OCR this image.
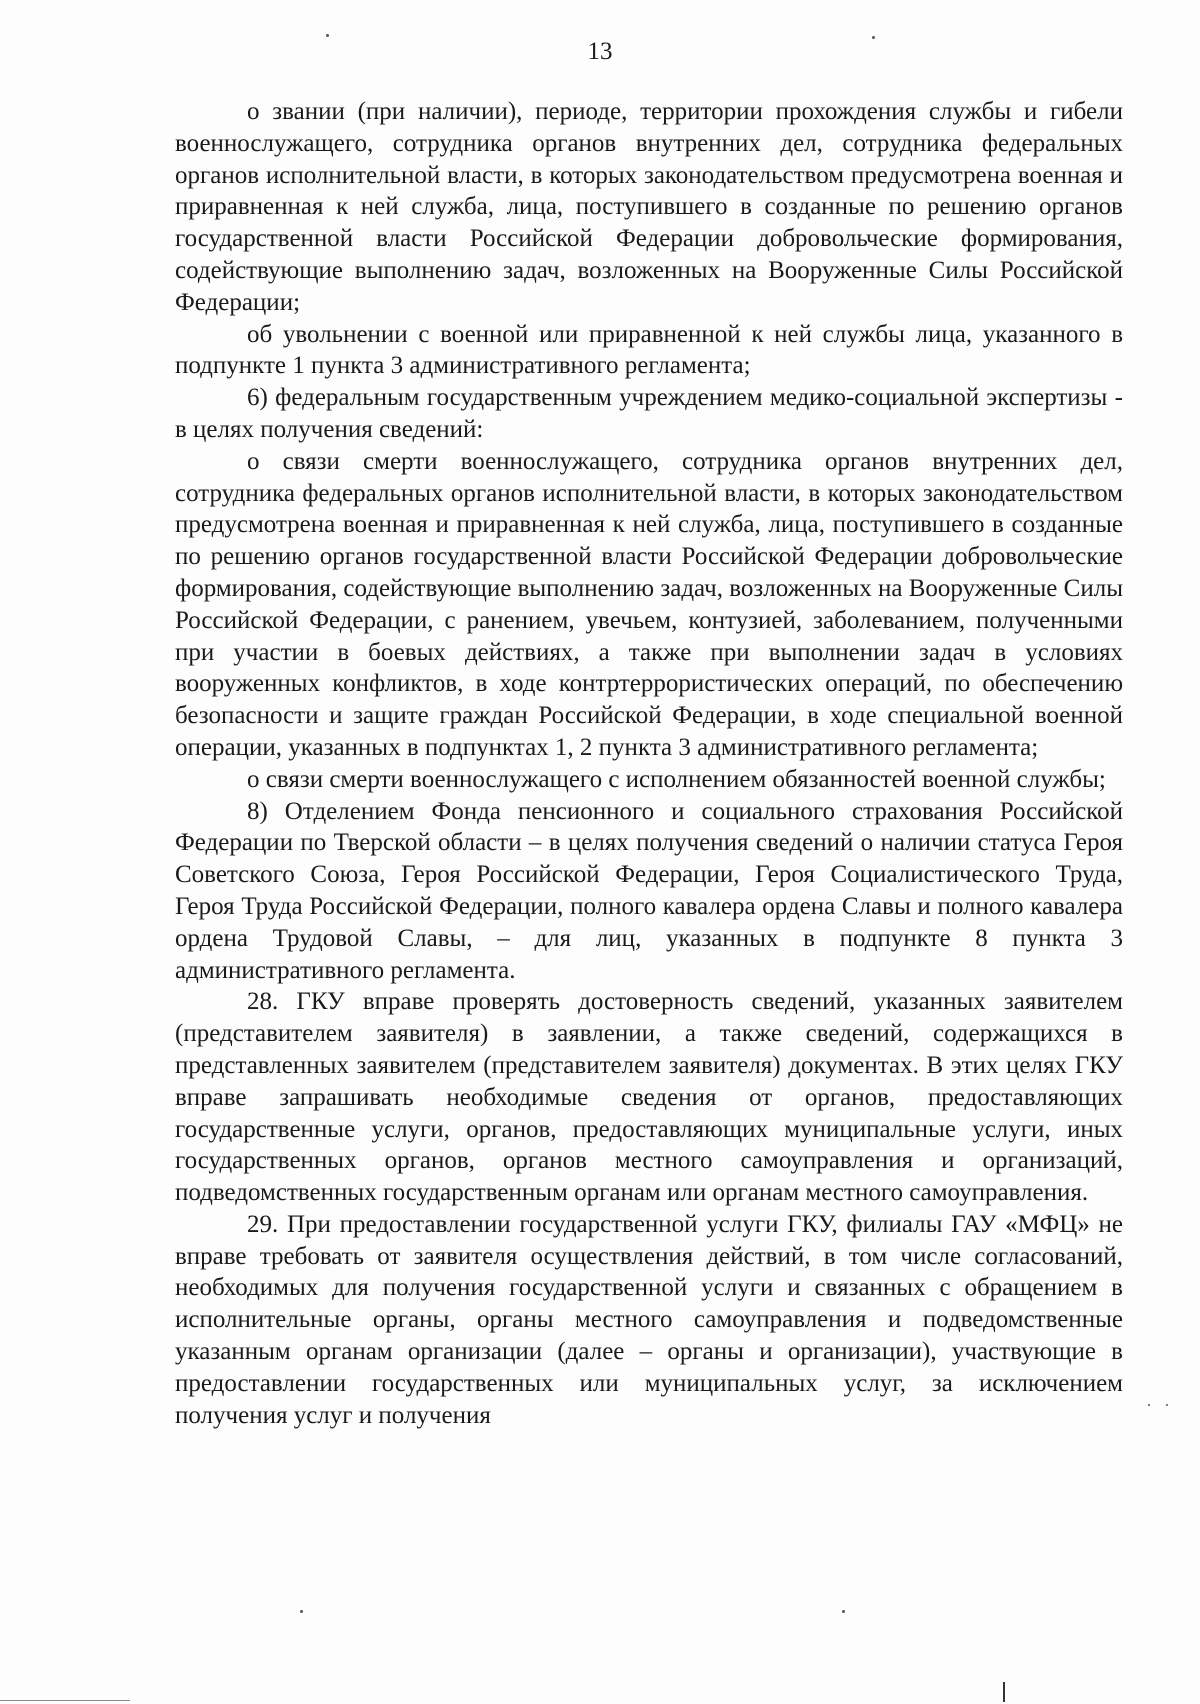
13

о звании (при наличии), периоде, территории прохождения службы и гибели военнослужащего, сотрудника органов внутренних дел, сотрудника федеральных органов исполнительной власти, в которых законодательством предусмотрена военная и приравненная к ней служба, лица, поступившего в созданные по решению органов государственной власти Российской Федерации добровольческие формирования, содействующие выполнению задач, возложенных на Вооруженные Силы Российской Федерации;

об увольнении с военной или приравненной к ней службы лица, указанного в подпункте 1 пункта 3 административного регламента;

6) федеральным государственным учреждением медико-социальной экспертизы - в целях получения сведений:

о связи смерти военнослужащего, сотрудника органов внутренних дел, сотрудника федеральных органов исполнительной власти, в которых законодательством предусмотрена военная и приравненная к ней служба, лица, поступившего в созданные по решению органов государственной власти Российской Федерации добровольческие формирования, содействующие выполнению задач, возложенных на Вооруженные Силы Российской Федерации, с ранением, увечьем, контузией, заболеванием, полученными при участии в боевых действиях, а также при выполнении задач в условиях вооруженных конфликтов, в ходе контртеррористических операций, по обеспечению безопасности и защите граждан Российской Федерации, в ходе специальной военной операции, указанных в подпунктах 1, 2 пункта 3 административного регламента;

о связи смерти военнослужащего с исполнением обязанностей военной службы;

8) Отделением Фонда пенсионного и социального страхования Российской Федерации по Тверской области – в целях получения сведений о наличии статуса Героя Советского Союза, Героя Российской Федерации, Героя Социалистического Труда, Героя Труда Российской Федерации, полного кавалера ордена Славы и полного кавалера ордена Трудовой Славы, – для лиц, указанных в подпункте 8 пункта 3 административного регламента.

28. ГКУ вправе проверять достоверность сведений, указанных заявителем (представителем заявителя) в заявлении, а также сведений, содержащихся в представленных заявителем (представителем заявителя) документах. В этих целях ГКУ вправе запрашивать необходимые сведения от органов, предоставляющих государственные услуги, органов, предоставляющих муниципальные услуги, иных государственных органов, органов местного самоуправления и организаций, подведомственных государственным органам или органам местного самоуправления.

29. При предоставлении государственной услуги ГКУ, филиалы ГАУ «МФЦ» не вправе требовать от заявителя осуществления действий, в том числе согласований, необходимых для получения государственной услуги и связанных с обращением в исполнительные органы, органы местного самоуправления и подведомственные указанным органам организации (далее – органы и организации), участвующие в предоставлении государственных или муниципальных услуг, за исключением получения услуг и получения
